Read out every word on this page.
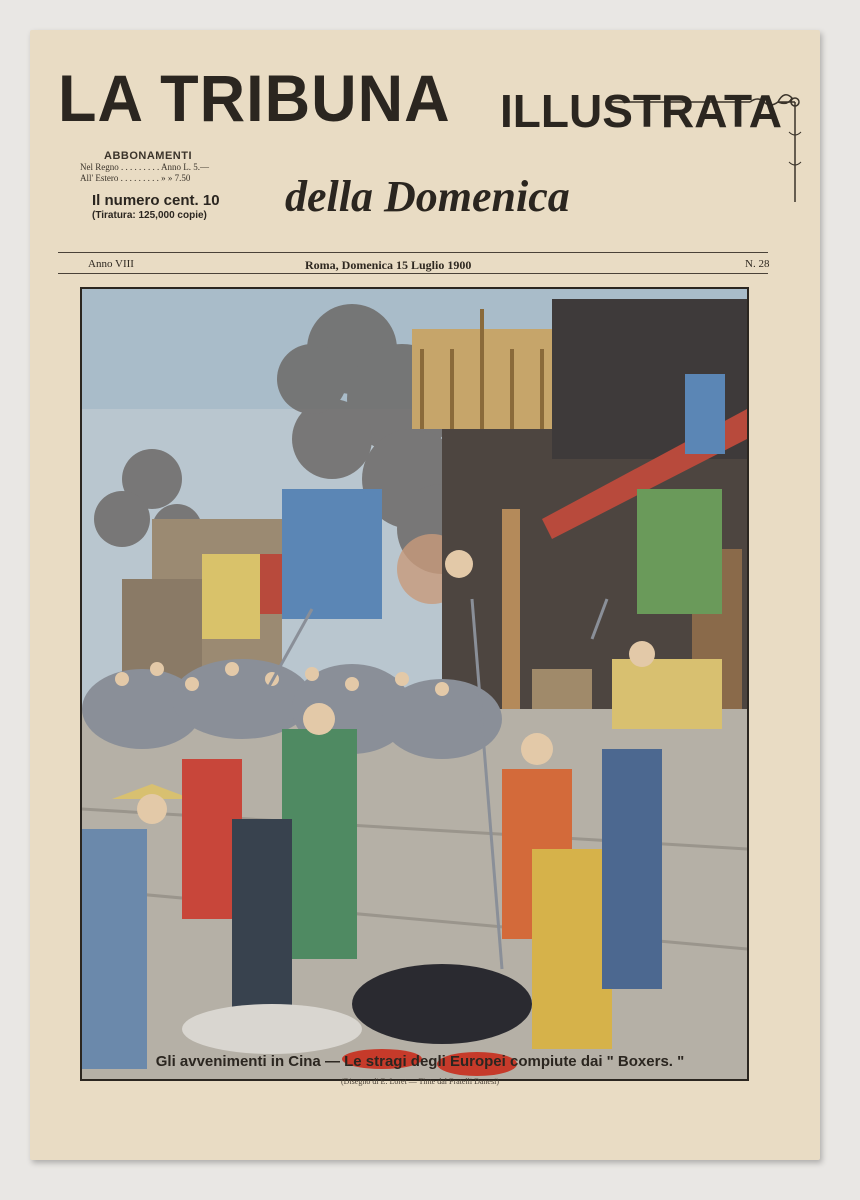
LA TRIBUNA ILLUSTRATA
della Domenica
ABBONAMENTI
Nel Regno . . . . . . . . . Anno L. 5.—
All' Estero . . . . . . . . . » » 7.50
Il numero cent. 10
(Tiratura: 125,000 copie)
Anno VIII	Roma, Domenica 15 Luglio 1900	N. 28
Gli avvenimenti in Cina — Le stragi degli Europei compiute dai " Boxers. "
(Disegno di E. Loret — Tinte dal Fratelli Danesi)
